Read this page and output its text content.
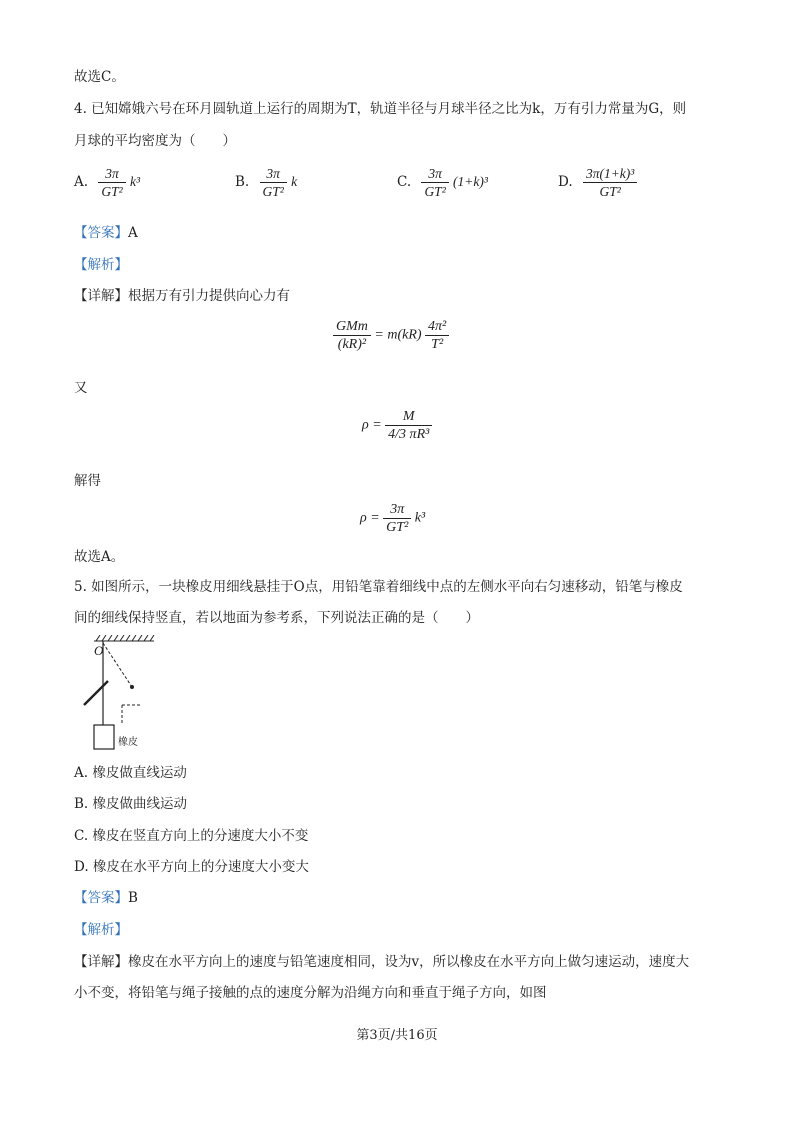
故选C。
4. 已知嫦娥六号在环月圆轨道上运行的周期为T，轨道半径与月球半径之比为k，万有引力常量为G，则
月球的平均密度为（　　）
A. $\frac{3\pi}{\text{GT²}} k^3$	B. $\frac{3\pi}{\text{GT²}}$ k	C. $\frac{3\pi}{\text{GT²}} (1+k)^3$	D. $\frac{\text{3π(1+k)³}}{\text{GT²}}$
【答案】A
【解析】
【详解】根据万有引力提供向心力有
$\frac{\text{GMm}}{\text{(kR)²}} = m(kR) \frac{\text{4π²}}{\text{T²}}$
又
$\rho = \frac{M}{\text{4/3 πR³}}$
解得
$\rho = \frac{3\pi}{\text{GT²}} k^3$
故选A。
5. 如图所示，一块橡皮用细线悬挂于O点，用铅笔靠着细线中点的左侧水平向右匀速移动，铅笔与橡皮
间的细线保持竖直，若以地面为参考系，下列说法正确的是（　　）
O
橡皮
A. 橡皮做直线运动
B. 橡皮做曲线运动
C. 橡皮在竖直方向上的分速度大小不变
D. 橡皮在水平方向上的分速度大小变大
【答案】B
【解析】
【详解】橡皮在水平方向上的速度与铅笔速度相同，设为v，所以橡皮在水平方向上做匀速运动，速度大
小不变，将铅笔与绳子接触的点的速度分解为沿绳方向和垂直于绳子方向，如图
第3页/共16页
